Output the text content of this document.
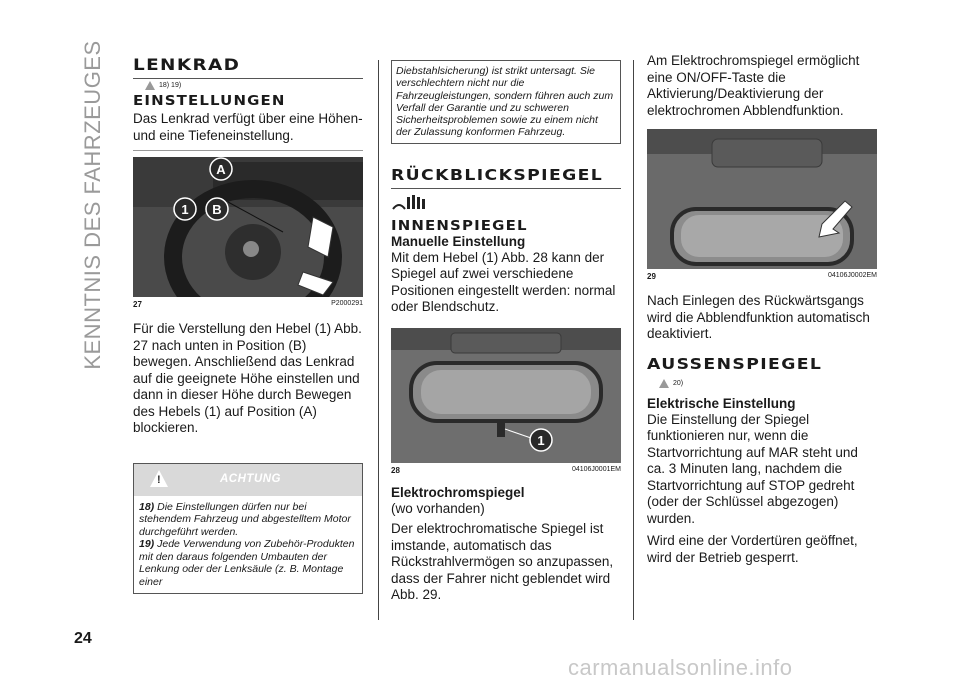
KENNTNIS DES FAHRZEUGES LENKRAD
18) 19)
EINSTELLUNGEN

Das Lenkrad verfügt über eine Höhen- und eine Tiefeneinstellung.

A
1 B
27	P2000291

Für die Verstellung den Hebel (1) Abb. 27 nach unten in Position (B) bewegen. Anschließend das Lenkrad auf die geeignete Höhe einstellen und dann in dieser Höhe durch Bewegen des Hebels (1) auf Position (A) blockieren.

!
ACHTUNG
18) Die Einstellungen dürfen nur bei stehendem Fahrzeug und abgestelltem Motor durchgeführt werden.
19) Jede Verwendung von Zubehör-Produkten mit den daraus folgenden Umbauten der Lenkung oder der Lenksäule (z. B. Montage einer
Diebstahlsicherung) ist strikt untersagt. Sie verschlechtern nicht nur die Fahrzeugleistungen, sondern führen auch zum Verfall der Garantie und zu schweren Sicherheitsproblemen sowie zu einem nicht der Zulassung konformen Fahrzeug.
RÜCKBLICKSPIEGEL
INNENSPIEGEL
Manuelle Einstellung

Mit dem Hebel (1) Abb. 28 kann der Spiegel auf zwei verschiedene Positionen eingestellt werden: normal oder Blendschutz.

1
28	04106J0001EM
Elektrochromspiegel

(wo vorhanden)

Der elektrochromatische Spiegel ist imstande, automatisch das Rückstrahlvermögen so anzupassen, dass der Fahrer nicht geblendet wird Abb. 29.

Am Elektrochromspiegel ermöglicht eine ON/OFF-Taste die Aktivierung/Deaktivierung der elektrochromen Abblendfunktion.

29	04106J0002EM

Nach Einlegen des Rückwärtsgangs wird die Abblendfunktion automatisch deaktiviert.

AUSSENSPIEGEL
20)
Elektrische Einstellung

Die Einstellung der Spiegel funktionieren nur, wenn die Startvorrichtung auf MAR steht und ca. 3 Minuten lang, nachdem die Startvorrichtung auf STOP gedreht (oder der Schlüssel abgezogen) wurden.

Wird eine der Vordertüren geöffnet, wird der Betrieb gesperrt.

24
carmanualsonline.info
